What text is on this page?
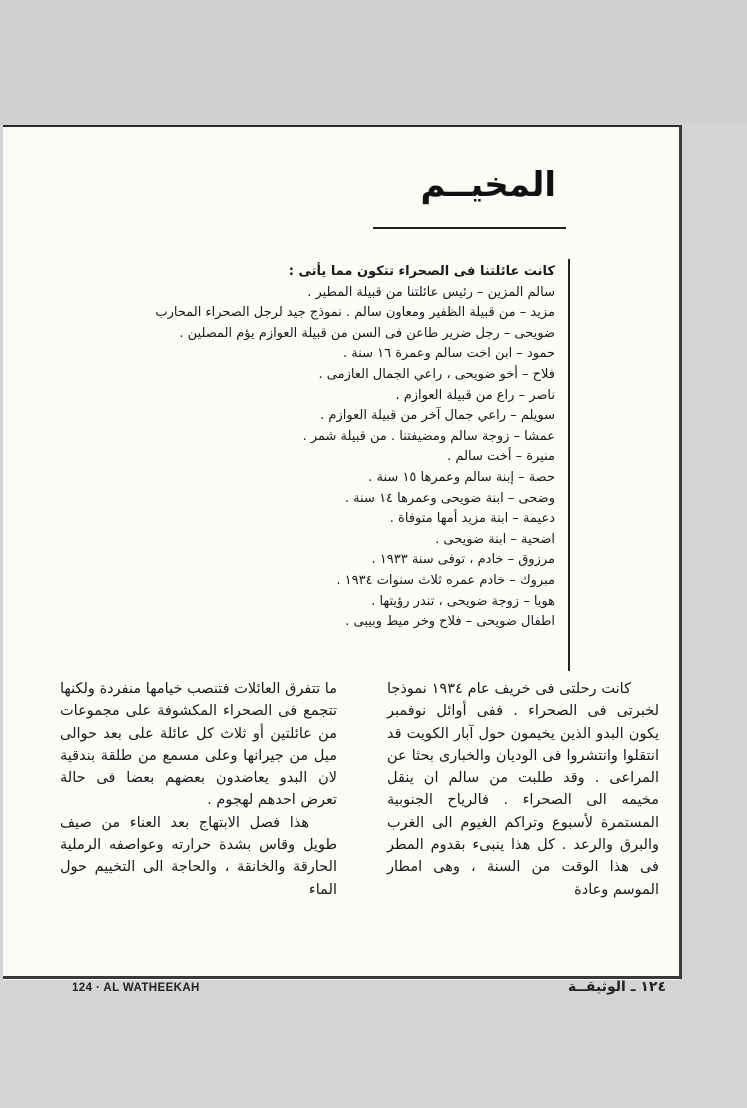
المخيــم
كانت عائلتنا فى الصحراء تتكون مما يأتى :
سالم المزين – رئيس عائلتنا من قبيلة المطير .
مزيد – من قبيلة الظفير ومعاون سالم . نموذج جيد لرجل الصحراء المحارب
ضويحى – رجل ضرير طاعن فى السن من قبيلة العوازم يؤم المصلين .
حمود – ابن اخت سالم وعمرة ١٦ سنة .
فلاح – أخو ضويحى ، راعي الجمال العازمى .
ناصر – راع من قبيلة العوازم .
سويلم – راعي جمال آخر من قبيلة العوازم .
عمشا – زوجة سالم ومضيفتنا . من قبيلة شمر .
منيرة – أخت سالم .
حصة – إبنة سالم وعمرها ١٥ سنة .
وضحى – ابنة ضويحى وعمرها ١٤ سنة .
دعيمة – ابنة مزيد أمها متوفاة .
اضحية – ابنة ضويحى .
مرزوق – خادم ، توفى سنة ١٩٣٣ .
مبروك – خادم عمره ثلاث سنوات ١٩٣٤ .
هويا – زوجة ضويحى ، تندر رؤيتها .
اطفال ضويحى – فلاح وخر ميط وبيبى .

كانت رحلتى فى خريف عام ١٩٣٤ نموذجا لخبرتى فى الصحراء . ففى أوائل نوفمبر يكون البدو الذين يخيمون حول آبار الكويت قد انتقلوا وانتشروا فى الوديان والخبارى بحثا عن المراعى . وقد طلبت من سالم ان ينقل مخيمه الى الصحراء . فالرياح الجنوبية المستمرة لأسبوع وتراكم الغيوم الى الغرب والبرق والرعد . كل هذا ينبىء بقدوم المطر فى هذا الوقت من السنة ، وهى امطار الموسم وعادة

ما تتفرق العائلات فتنصب خيامها منفردة ولكنها تتجمع فى الصحراء المكشوفة على مجموعات من عائلتين أو ثلاث كل عائلة على بعد حوالى ميل من جيرانها وعلى مسمع من طلقة بندقية لان البدو يعاضدون بعضهم بعضا فى حالة تعرض احدهم لهجوم .

هذا فصل الابتهاج بعد العناء من صيف طويل وقاس بشدة حرارته وعواصفه الرملية الحارقة والخانقة ، والحاجة الى التخييم حول الماء

124 · AL WATHEEKAH	١٢٤ ـ الوثيقــة
